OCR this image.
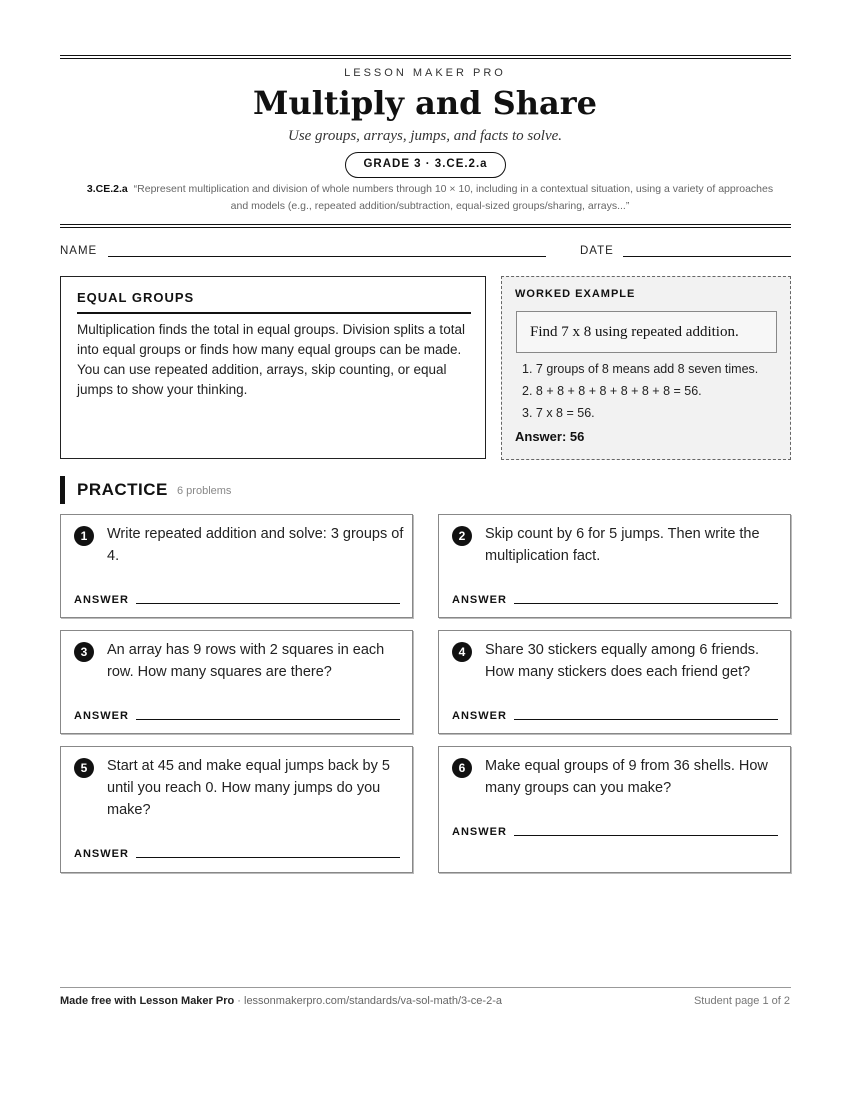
LESSON MAKER PRO
Multiply and Share
Use groups, arrays, jumps, and facts to solve.
GRADE 3 · 3.CE.2.a
3.CE.2.a “Represent multiplication and division of whole numbers through 10 × 10, including in a contextual situation, using a variety of approaches and models (e.g., repeated addition/subtraction, equal-sized groups/sharing, arrays...”
NAME	DATE
EQUAL GROUPS
Multiplication finds the total in equal groups. Division splits a total into equal groups or finds how many equal groups can be made. You can use repeated addition, arrays, skip counting, or equal jumps to show your thinking.
WORKED EXAMPLE
Find 7 x 8 using repeated addition.
1. 7 groups of 8 means add 8 seven times.
2. 8 + 8 + 8 + 8 + 8 + 8 + 8 = 56.
3. 7 x 8 = 56.
Answer: 56
PRACTICE 6 problems
1	Write repeated addition and solve: 3 groups of 4.
ANSWER
2	Skip count by 6 for 5 jumps. Then write the multiplication fact.
ANSWER
3	An array has 9 rows with 2 squares in each row. How many squares are there?
ANSWER
4	Share 30 stickers equally among 6 friends. How many stickers does each friend get?
ANSWER
5	Start at 45 and make equal jumps back by 5 until you reach 0. How many jumps do you make?
ANSWER
6	Make equal groups of 9 from 36 shells. How many groups can you make?
ANSWER
Made free with Lesson Maker Pro · lessonmakerpro.com/standards/va-sol-math/3-ce-2-a	Student page 1 of 2
